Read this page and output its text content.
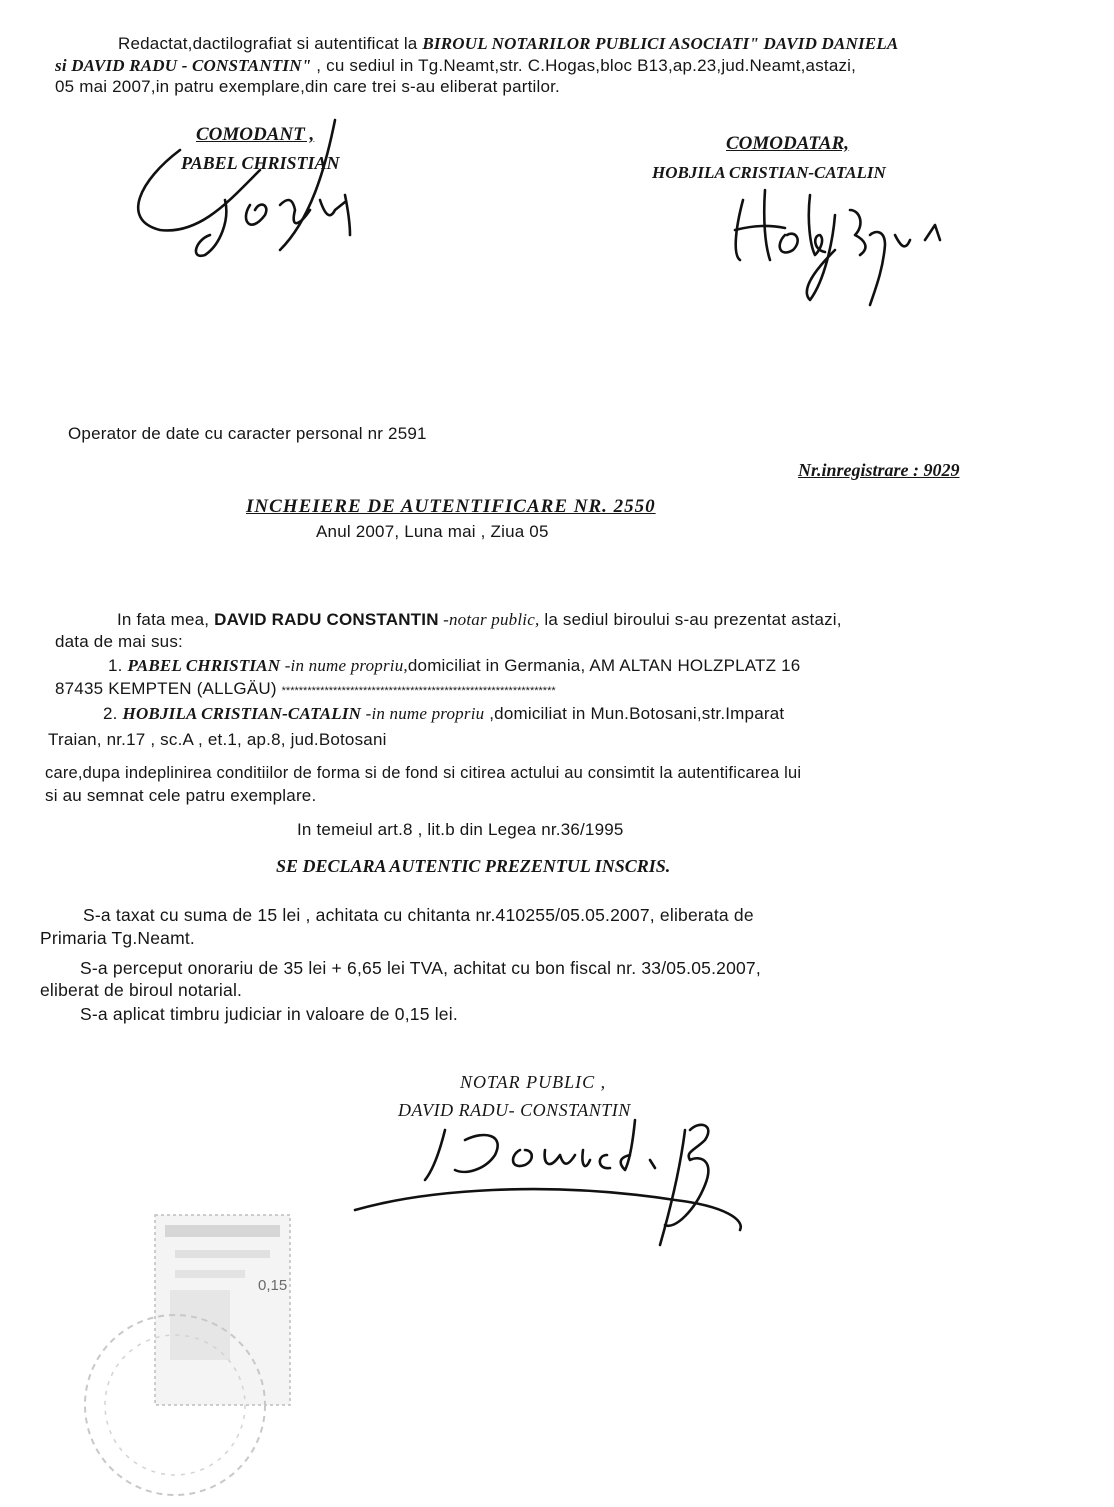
Redactat,dactilografiat si autentificat la BIROUL NOTARILOR PUBLICI ASOCIATI" DAVID DANIELA
si DAVID RADU - CONSTANTIN" , cu sediul in Tg.Neamt,str. C.Hogas,bloc B13,ap.23,jud.Neamt,astazi,
05 mai 2007,in patru exemplare,din care trei s-au eliberat partilor.
COMODANT ,
PABEL CHRISTIAN
COMODATAR,
HOBJILA CRISTIAN-CATALIN
Operator de date cu caracter personal nr 2591
Nr.inregistrare : 9029
INCHEIERE DE AUTENTIFICARE NR. 2550
Anul 2007, Luna mai , Ziua 05
In fata mea, DAVID RADU CONSTANTIN -notar public, la sediul biroului s-au prezentat astazi,
data de mai sus:
1. PABEL CHRISTIAN -in nume propriu,domiciliat in Germania, AM ALTAN HOLZPLATZ 16
87435 KEMPTEN (ALLGÄU) ****************************************************************
2. HOBJILA CRISTIAN-CATALIN -in nume propriu ,domiciliat in Mun.Botosani,str.Imparat
Traian, nr.17 , sc.A , et.1, ap.8, jud.Botosani
care,dupa indeplinirea conditiilor de forma si de fond si citirea actului au consimtit la autentificarea lui
si au semnat cele patru exemplare.
In temeiul art.8 , lit.b din Legea nr.36/1995
SE DECLARA AUTENTIC PREZENTUL INSCRIS.
S-a taxat cu suma de 15 lei , achitata cu chitanta nr.410255/05.05.2007, eliberata de
Primaria Tg.Neamt.
S-a perceput onorariu de 35 lei + 6,65 lei TVA, achitat cu bon fiscal nr. 33/05.05.2007,
eliberat de biroul notarial.
S-a aplicat timbru judiciar in valoare de 0,15 lei.
NOTAR PUBLIC ,
DAVID RADU- CONSTANTIN
0,15
